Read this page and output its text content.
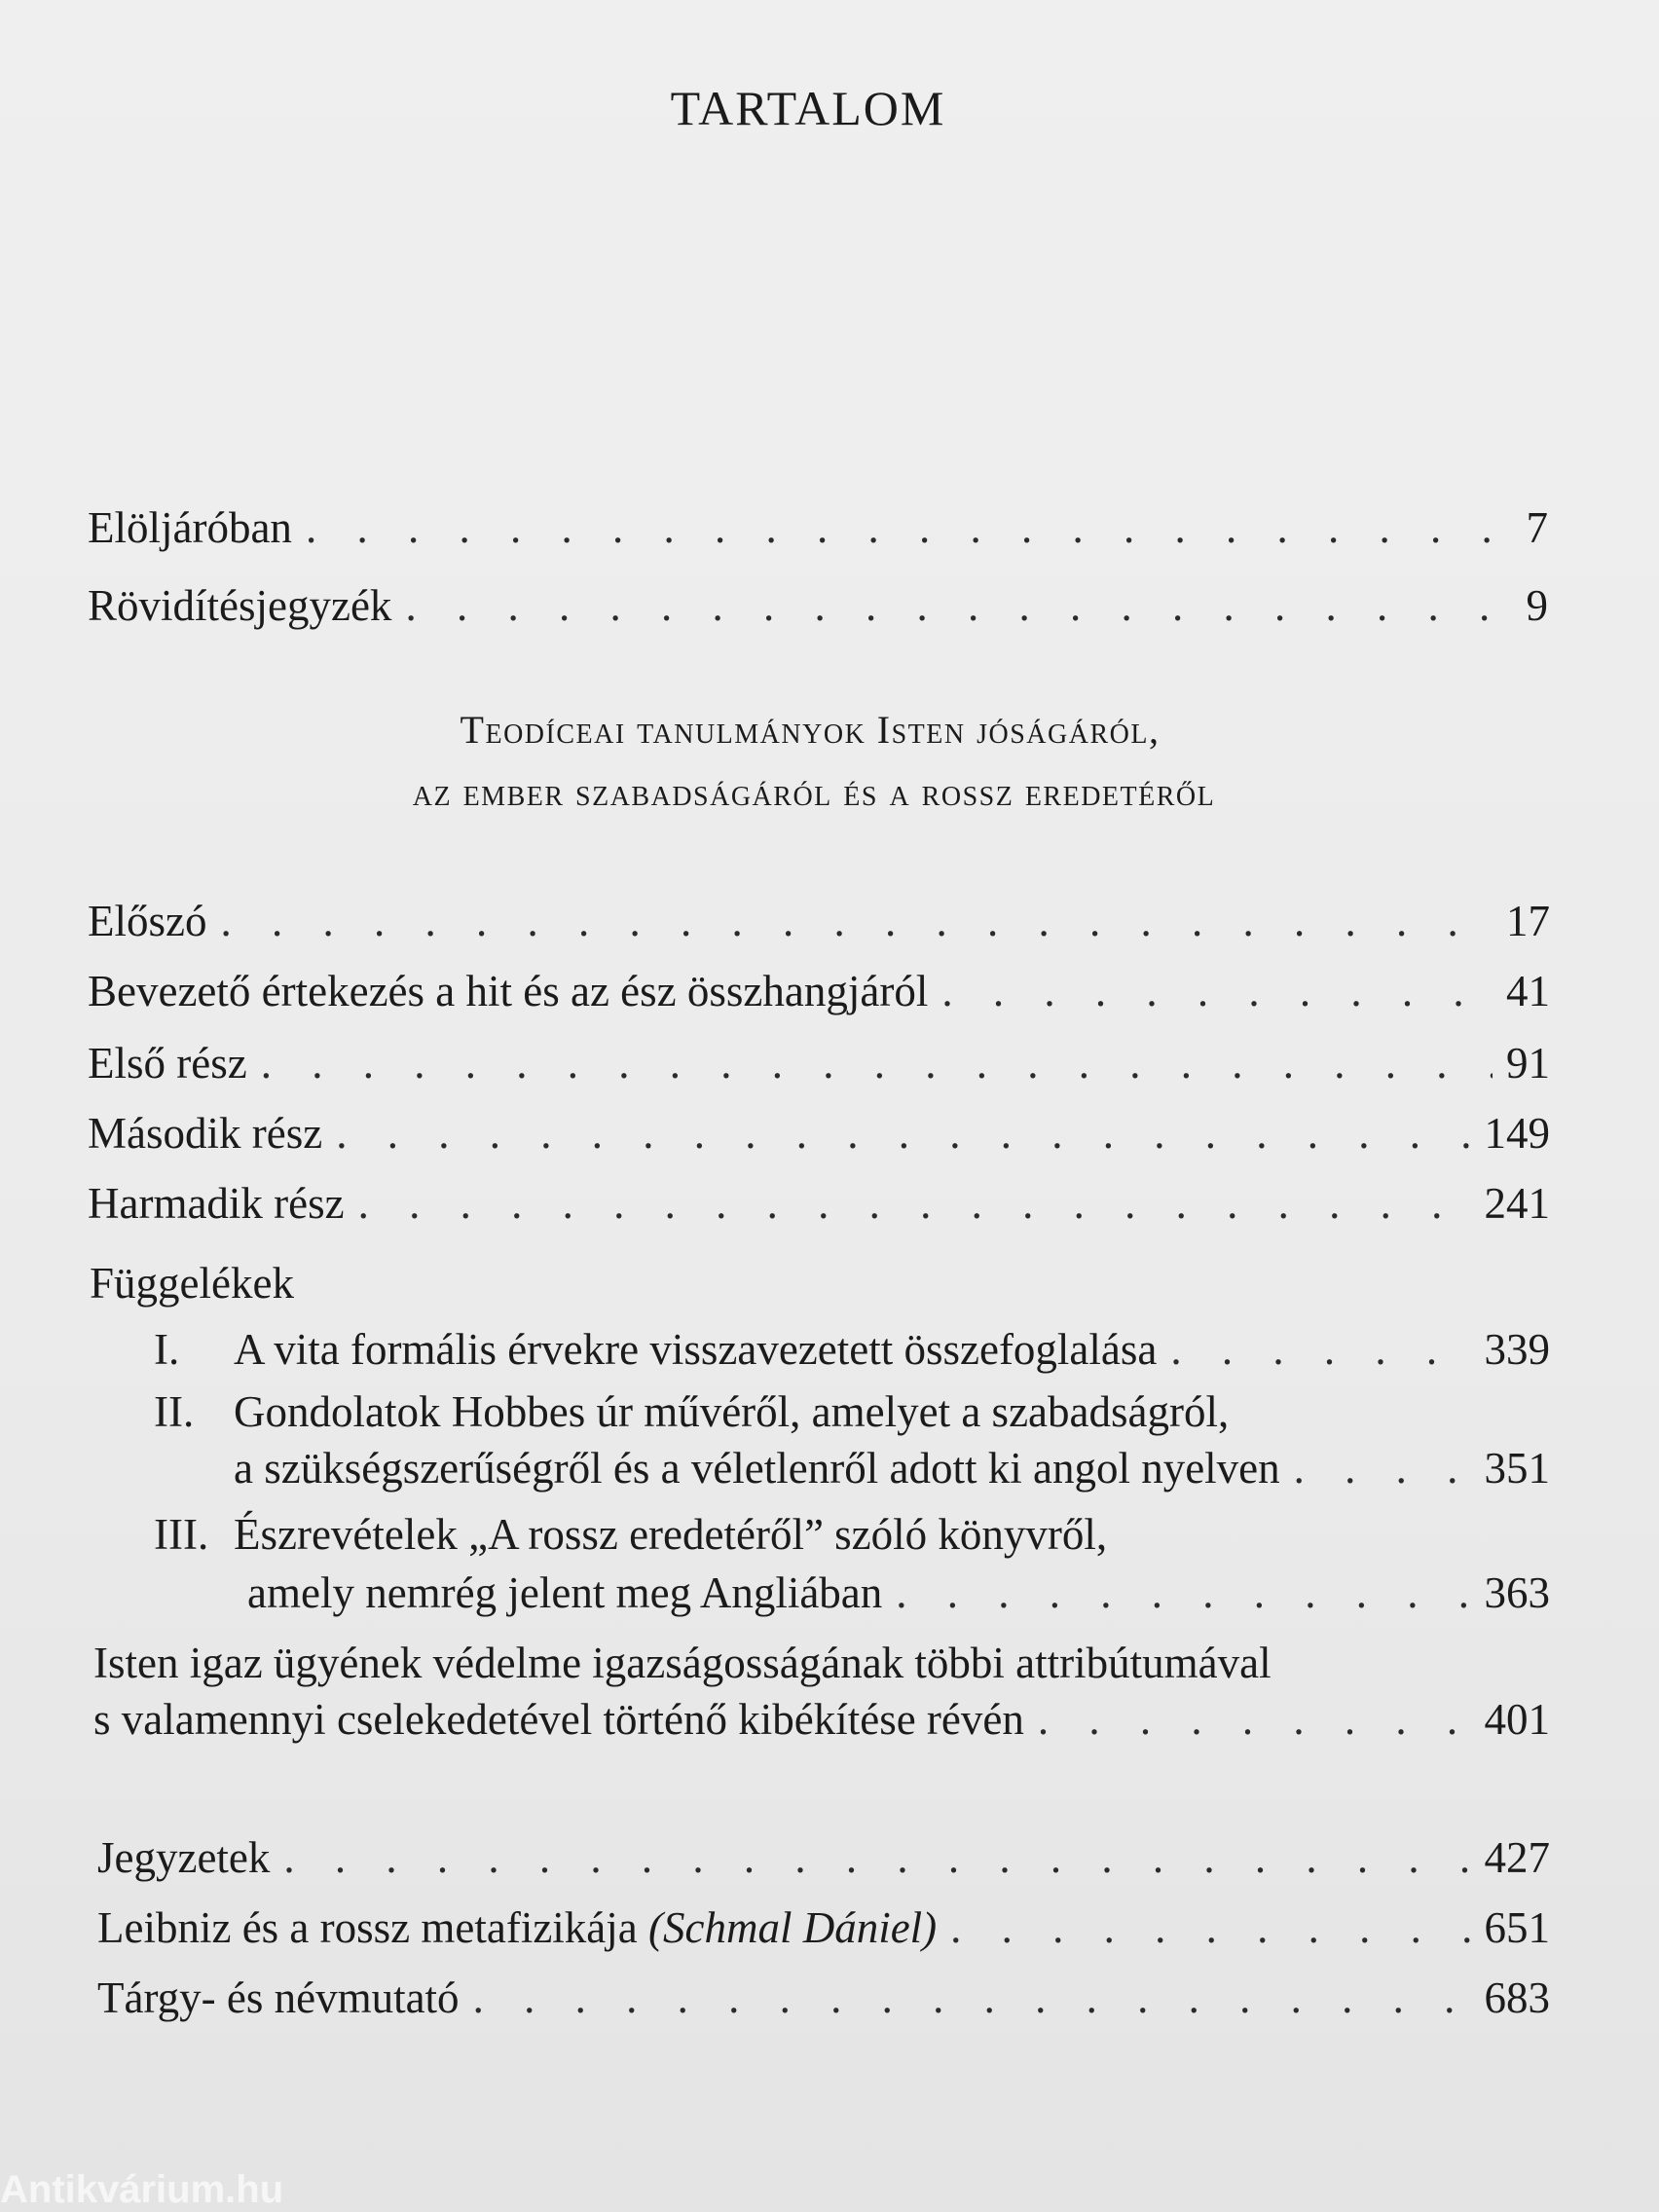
TARTALOM
Elöljáróban . . .	7
Rövidítésjegyzék . . .	9
Teodíceai tanulmányok Isten jóságáról,
az ember szabadságáról és a rossz eredetéről
Előszó . . .	17
Bevezető értekezés a hit és az ész összhangjáról . . .	41
Első rész . . .	91
Második rész . . .	149
Harmadik rész . . .	241
Függelékek
I. A vita formális érvekre visszavezetett összefoglalása . . .	339
II. Gondolatok Hobbes úr művéről, amelyet a szabadságról,
a szükségszerűségről és a véletlenről adott ki angol nyelven . . .	351
III. Észrevételek „A rossz eredetéről” szóló könyvről,
amely nemrég jelent meg Angliában . . .	363
Isten igaz ügyének védelme igazságosságának többi attribútumával
s valamennyi cselekedetével történő kibékítése révén . . .	401
Jegyzetek . . .	427
Leibniz és a rossz metafizikája (Schmal Dániel) . . .	651
Tárgy- és névmutató . . .	683
Antikvárium.hu
